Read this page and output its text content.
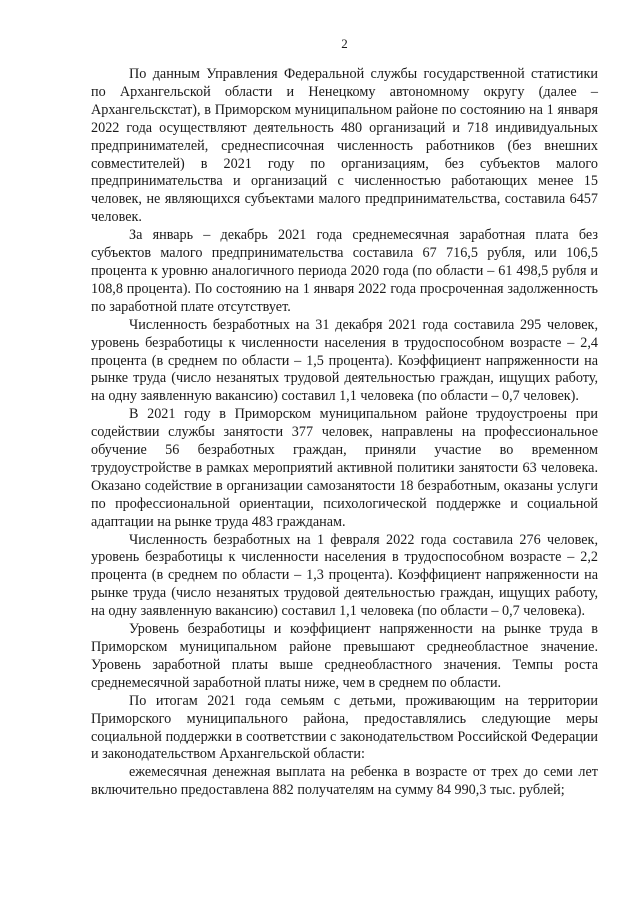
2

По данным Управления Федеральной службы государственной статистики по Архангельской области и Ненецкому автономному округу (далее – Архангельскстат), в Приморском муниципальном районе по состоянию на 1 января 2022 года осуществляют деятельность 480 организаций и 718 индивидуальных предпринимателей, среднесписочная численность работников (без внешних совместителей) в 2021 году по организациям, без субъектов малого предпринимательства и организаций с численностью работающих менее 15 человек, не являющихся субъектами малого предпринимательства, составила 6457 человек.

За январь – декабрь 2021 года среднемесячная заработная плата без субъектов малого предпринимательства составила 67 716,5 рубля, или 106,5 процента к уровню аналогичного периода 2020 года (по области – 61 498,5 рубля и 108,8 процента). По состоянию на 1 января 2022 года просроченная задолженность по заработной плате отсутствует.

Численность безработных на 31 декабря 2021 года составила 295 человек, уровень безработицы к численности населения в трудоспособном возрасте – 2,4 процента (в среднем по области – 1,5 процента). Коэффициент напряженности на рынке труда (число незанятых трудовой деятельностью граждан, ищущих работу, на одну заявленную вакансию) составил 1,1 человека (по области – 0,7 человек).

В 2021 году в Приморском муниципальном районе трудоустроены при содействии службы занятости 377 человек, направлены на профессиональное обучение 56 безработных граждан, приняли участие во временном трудоустройстве в рамках мероприятий активной политики занятости 63 человека. Оказано содействие в организации самозанятости 18 безработным, оказаны услуги по профессиональной ориентации, психологической поддержке и социальной адаптации на рынке труда 483 гражданам.

Численность безработных на 1 февраля 2022 года составила 276 человек, уровень безработицы к численности населения в трудоспособном возрасте – 2,2 процента (в среднем по области – 1,3 процента). Коэффициент напряженности на рынке труда (число незанятых трудовой деятельностью граждан, ищущих работу, на одну заявленную вакансию) составил 1,1 человека (по области – 0,7 человека).

Уровень безработицы и коэффициент напряженности на рынке труда в Приморском муниципальном районе превышают среднеобластное значение. Уровень заработной платы выше среднеобластного значения. Темпы роста среднемесячной заработной платы ниже, чем в среднем по области.

По итогам 2021 года семьям с детьми, проживающим на территории Приморского муниципального района, предоставлялись следующие меры социальной поддержки в соответствии с законодательством Российской Федерации и законодательством Архангельской области:

ежемесячная денежная выплата на ребенка в возрасте от трех до семи лет включительно предоставлена 882 получателям на сумму 84 990,3 тыс. рублей;
